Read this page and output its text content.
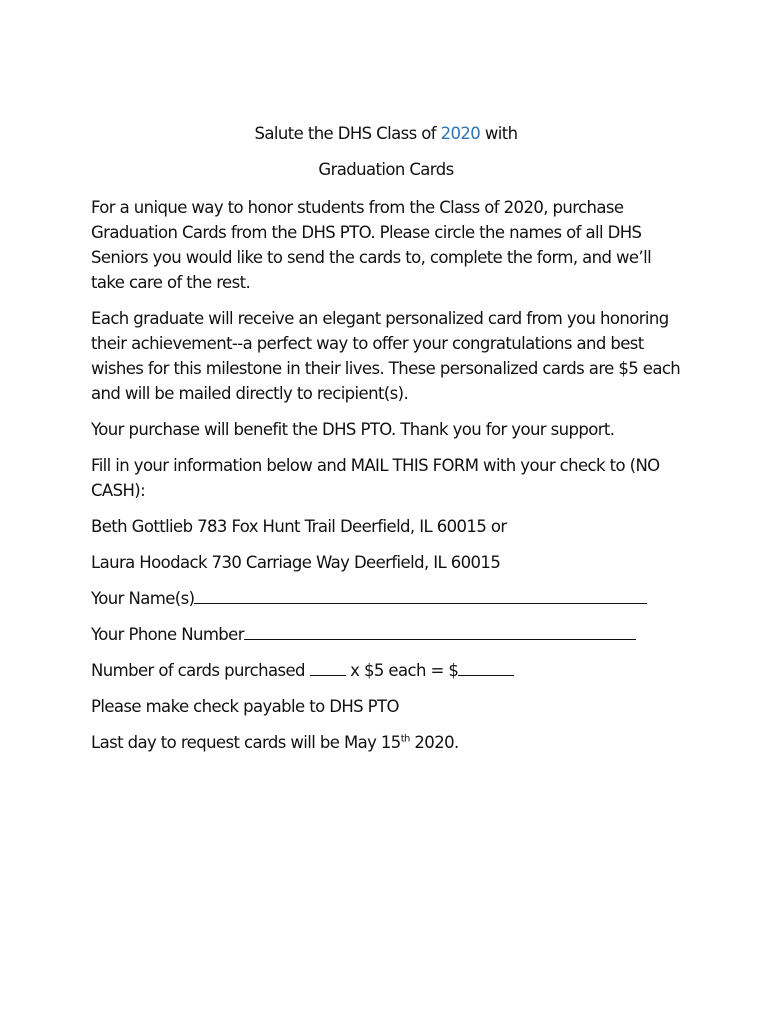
Salute the DHS Class of 2020 with
Graduation Cards

For a unique way to honor students from the Class of 2020, purchase Graduation Cards from the DHS PTO. Please circle the names of all DHS Seniors you would like to send the cards to, complete the form, and we’ll take care of the rest.

Each graduate will receive an elegant personalized card from you honoring their achievement--a perfect way to offer your congratulations and best wishes for this milestone in their lives. These personalized cards are $5 each and will be mailed directly to recipient(s).

Your purchase will benefit the DHS PTO. Thank you for your support.

Fill in your information below and MAIL THIS FORM with your check to (NO CASH):

Beth Gottlieb 783 Fox Hunt Trail Deerfield, IL 60015 or

Laura Hoodack 730 Carriage Way Deerfield, IL 60015

Your Name(s)

Your Phone Number

Number of cards purchased  x $5 each = $

Please make check payable to DHS PTO

Last day to request cards will be May 15th 2020.
